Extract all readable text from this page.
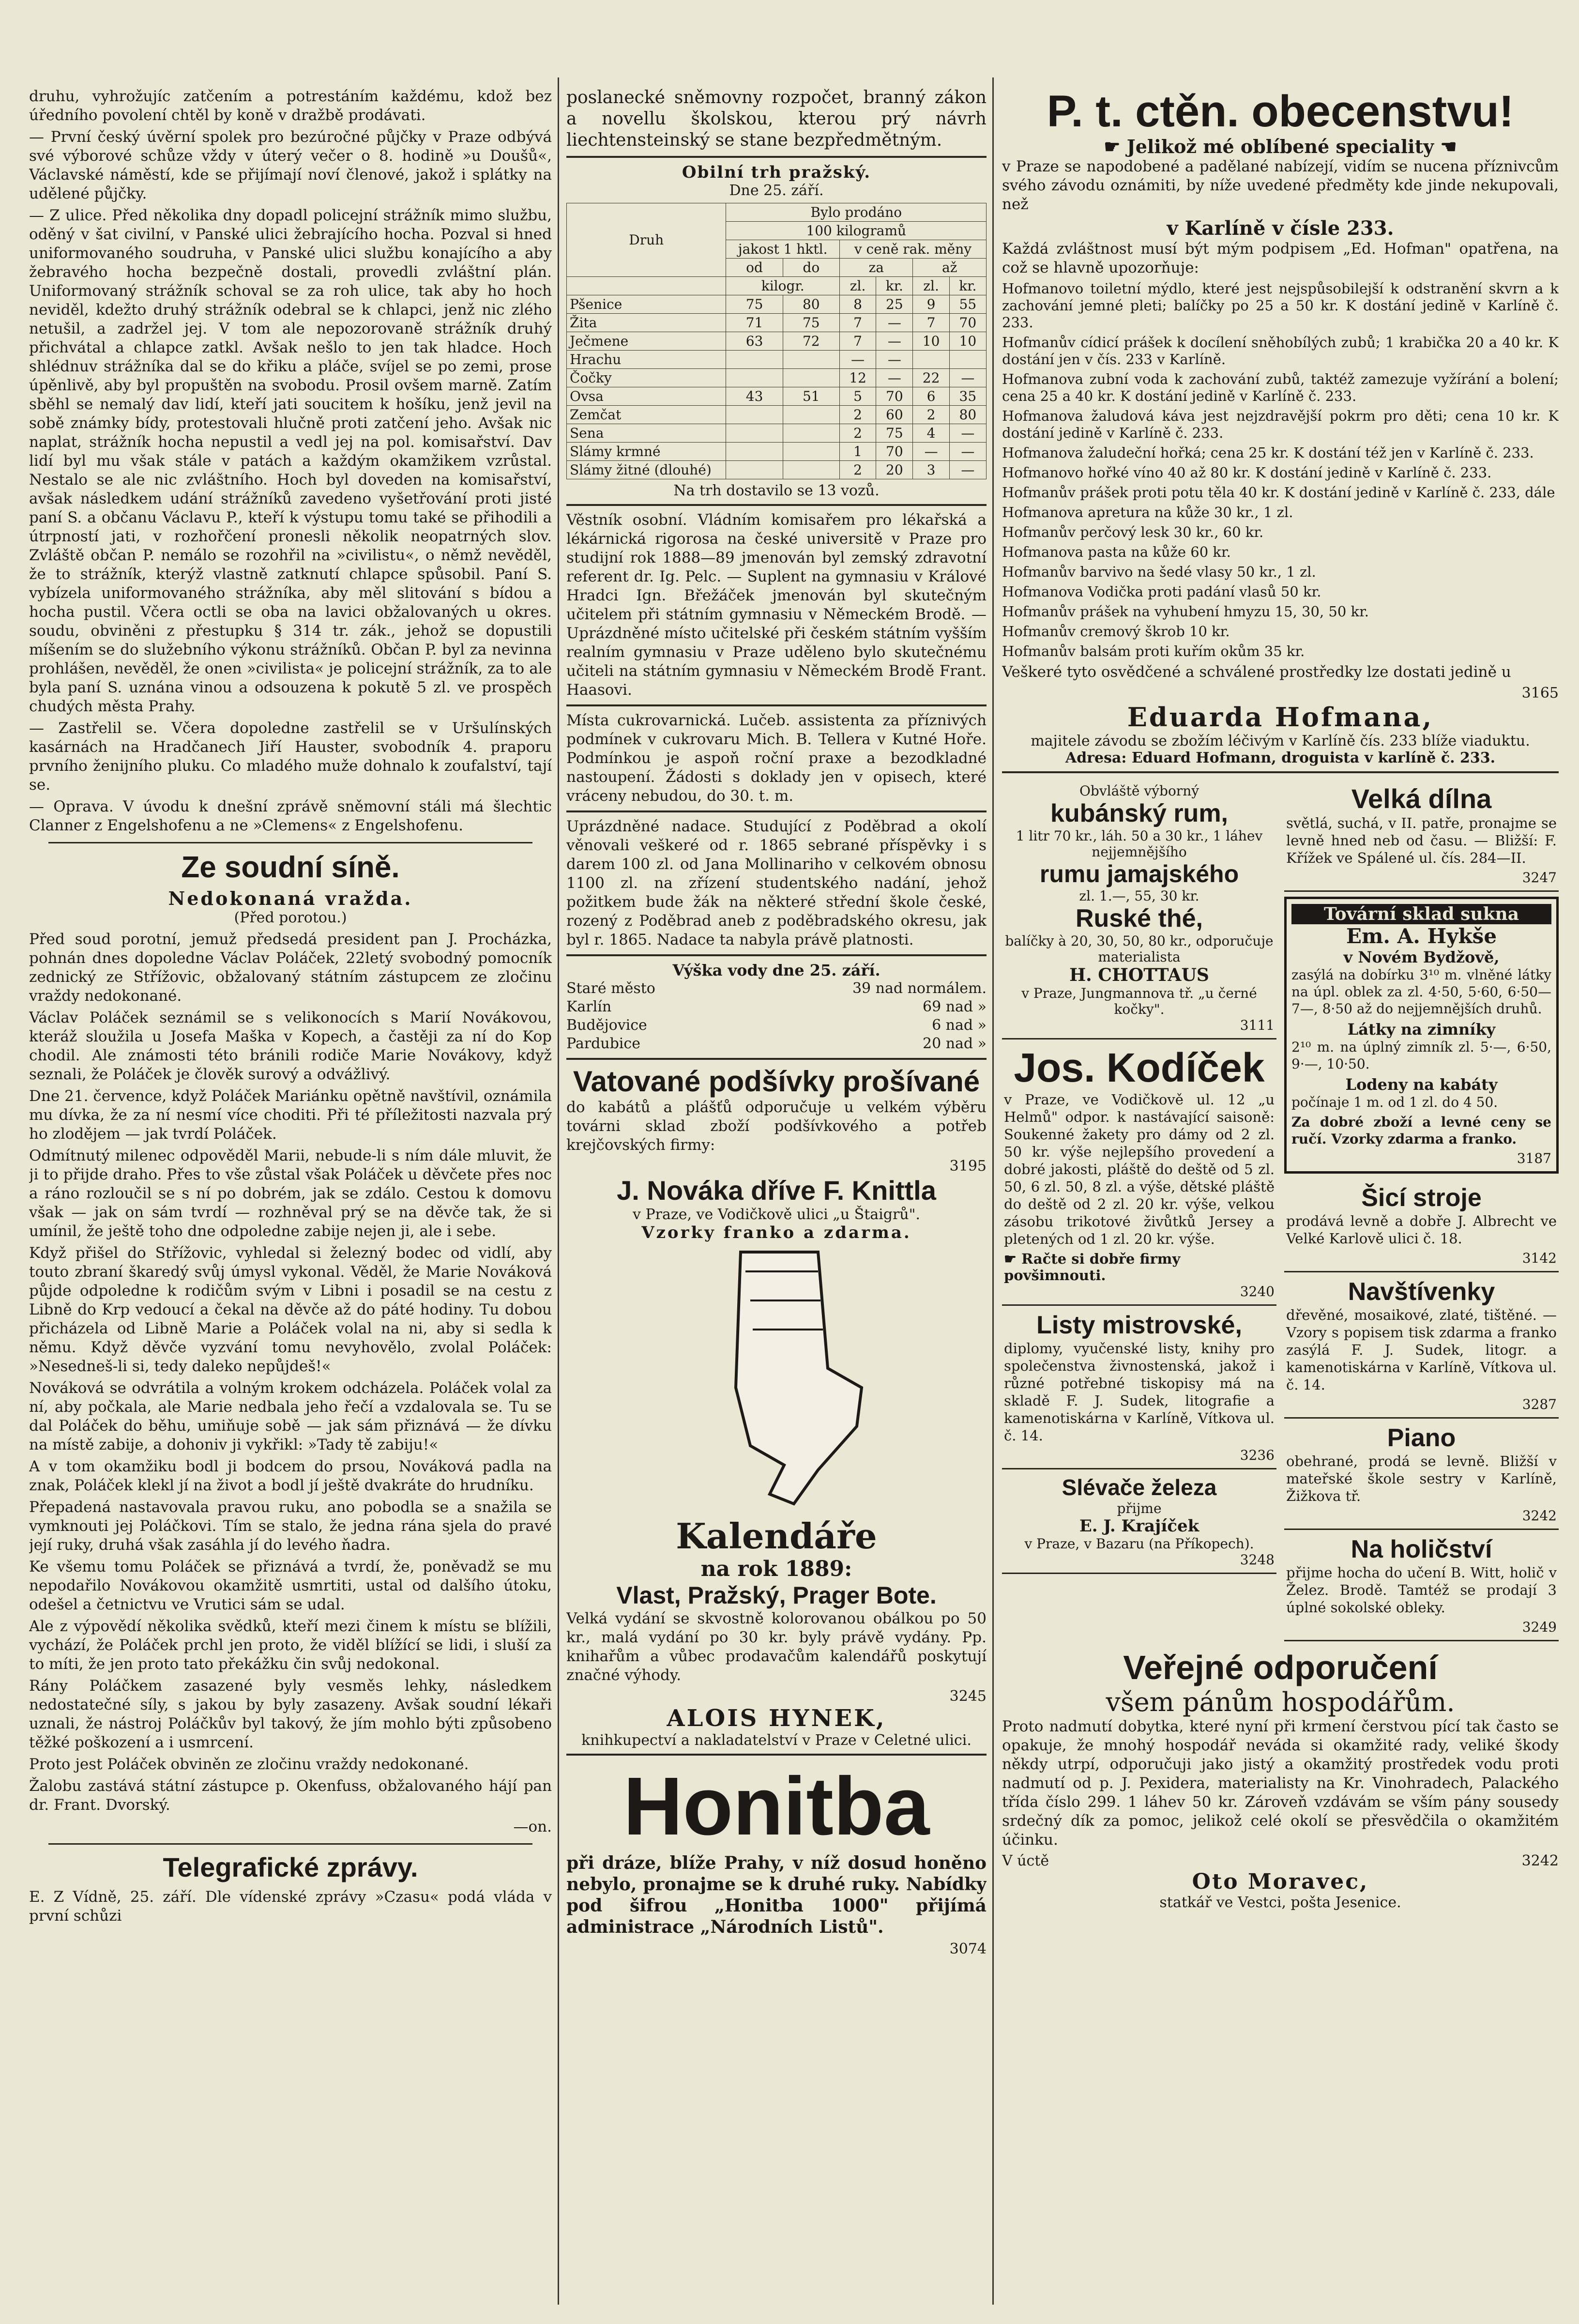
druhu, vyhrožujíc zatčením a potrestáním každému, kdož bez úředního povolení chtěl by koně v dražbě prodávati.

— První český úvěrní spolek pro bezúročné půjčky v Praze odbývá své výborové schůze vždy v úterý večer o 8. hodině »u Doušů«, Václavské náměstí, kde se přijímají noví členové, jakož i splátky na udělené půjčky.

— Z ulice. Před několika dny dopadl policejní strážník mimo službu, oděný v šat civilní, v Panské ulici žebrajícího hocha. Pozval si hned uniformovaného soudruha, v Panské ulici službu konajícího a aby žebravého hocha bezpečně dostali, provedli zvláštní plán. Uniformovaný strážník schoval se za roh ulice, tak aby ho hoch neviděl, kdežto druhý strážník odebral se k chlapci, jenž nic zlého netušil, a zadržel jej. V tom ale nepozorovaně strážník druhý přichvátal a chlapce zatkl. Avšak nešlo to jen tak hladce. Hoch shlédnuv strážníka dal se do křiku a pláče, svíjel se po zemi, prose úpěnlivě, aby byl propuštěn na svobodu. Prosil ovšem marně. Zatím sběhl se nemalý dav lidí, kteří jati soucitem k hošíku, jenž jevil na sobě známky bídy, protestovali hlučně proti zatčení jeho. Avšak nic naplat, strážník hocha nepustil a vedl jej na pol. komisařství. Dav lidí byl mu však stále v patách a každým okamžikem vzrůstal. Nestalo se ale nic zvláštního. Hoch byl doveden na komisařství, avšak následkem udání strážníků zavedeno vyšetřování proti jisté paní S. a občanu Václavu P., kteří k výstupu tomu také se přihodili a útrpností jati, v rozhořčení pronesli několik neopatrných slov. Zvláště občan P. nemálo se rozohřil na »civilistu«, o němž nevěděl, že to strážník, kterýž vlastně zatknutí chlapce spůsobil. Paní S. vybízela uniformovaného strážníka, aby měl slitování s bídou a hocha pustil. Včera octli se oba na lavici obžalovaných u okres. soudu, obviněni z přestupku § 314 tr. zák., jehož se dopustili míšením se do služebního výkonu strážníků. Občan P. byl za nevinna prohlášen, nevěděl, že onen »civilista« je policejní strážník, za to ale byla paní S. uznána vinou a odsouzena k pokutě 5 zl. ve prospěch chudých města Prahy.

— Zastřelil se. Včera dopoledne zastřelil se v Uršulínských kasárnách na Hradčanech Jiří Hauster, svobodník 4. praporu prvního ženijního pluku. Co mladého muže dohnalo k zoufalství, tají se.

— Oprava. V úvodu k dnešní zprávě sněmovní stáli má šlechtic Clanner z Engelshofenu a ne »Clemens« z Engelshofenu.

Ze soudní síně.
Nedokonaná vražda.
(Před porotou.)

Před soud porotní, jemuž předsedá president pan J. Procházka, pohnán dnes dopoledne Václav Poláček, 22letý svobodný pomocník zednický ze Střížovic, obžalovaný státním zástupcem ze zločinu vraždy nedokonané.

Václav Poláček seznámil se s velikonocích s Marií Novákovou, kteráž sloužila u Josefa Maška v Kopech, a častěji za ní do Kop chodil. Ale známosti této bránili rodiče Marie Novákovy, když seznali, že Poláček je člověk surový a odvážlivý.

Dne 21. července, když Poláček Mariánku opětně navštívil, oznámila mu dívka, že za ní nesmí více choditi. Při té příležitosti nazvala prý ho zlodějem — jak tvrdí Poláček.

Odmítnutý milenec odpověděl Marii, nebude-li s ním dále mluvit, že ji to přijde draho. Přes to vše zůstal však Poláček u děvčete přes noc a ráno rozloučil se s ní po dobrém, jak se zdálo. Cestou k domovu však — jak on sám tvrdí — rozhněval prý se na děvče tak, že si umínil, že ještě toho dne odpoledne zabije nejen ji, ale i sebe.

Když přišel do Střížovic, vyhledal si železný bodec od vidlí, aby touto zbraní škaredý svůj úmysl vykonal. Věděl, že Marie Nováková půjde odpoledne k rodičům svým v Libni i posadil se na cestu z Libně do Krp vedoucí a čekal na děvče až do páté hodiny. Tu dobou přicházela od Libně Marie a Poláček volal na ni, aby si sedla k němu. Když děvče vyzvání tomu nevyhovělo, zvolal Poláček: »Nesedneš-li si, tedy daleko nepůjdeš!«

Nováková se odvrátila a volným krokem odcházela. Poláček volal za ní, aby počkala, ale Marie nedbala jeho řečí a vzdalovala se. Tu se dal Poláček do běhu, umiňuje sobě — jak sám přiznává — že dívku na místě zabije, a dohoniv ji vykřikl: »Tady tě zabiju!«

A v tom okamžiku bodl ji bodcem do prsou, Nováková padla na znak, Poláček klekl jí na život a bodl jí ještě dvakráte do hrudníku.

Přepadená nastavovala pravou ruku, ano pobodla se a snažila se vymknouti jej Poláčkovi. Tím se stalo, že jedna rána sjela do pravé její ruky, druhá však zasáhla jí do levého ňadra.

Ke všemu tomu Poláček se přiznává a tvrdí, že, poněvadž se mu nepodařilo Novákovou okamžitě usmrtiti, ustal od dalšího útoku, odešel a četnictvu ve Vrutici sám se udal.

Ale z výpovědí několika svědků, kteří mezi činem k místu se blížili, vychází, že Poláček prchl jen proto, že viděl blížící se lidi, i sluší za to míti, že jen proto tato překážku čin svůj nedokonal.

Rány Poláčkem zasazené byly vesměs lehky, následkem nedostatečné síly, s jakou by byly zasazeny. Avšak soudní lékaři uznali, že nástroj Poláčkův byl takový, že jím mohlo býti způsobeno těžké poškození a i usmrcení.

Proto jest Poláček obviněn ze zločinu vraždy nedokonané.

Žalobu zastává státní zástupce p. Okenfuss, obžalovaného hájí pan dr. Frant. Dvorský.

—on.

Telegrafické zprávy.

E. Z Vídně, 25. září. Dle vídenské zprávy »Czasu« podá vláda v první schůzi

poslanecké sněmovny rozpočet, branný zákon a novellu školskou, kterou prý návrh liechtensteinský se stane bezpředmětným.

Obilní trh pražský.
Dne 25. září.
Druh	Bylo prodáno					
	100 kilogramů					
	jakost 1 hktl.		v ceně rak. měny			
	od	do	za		až	
	kilogr.		zl.	kr.	zl.	kr.
Pšenice	75	80	8	25	9	55
Žita	71	75	7	—	7	70
Ječmene	63	72	7	—	10	10
Hrachu			—	—		
Čočky			12	—	22	—
Ovsa	43	51	5	70	6	35
Zemčat			2	60	2	80
Sena			2	75	4	—
Slámy krmné			1	70	—	—
Slámy žitné (dlouhé)			2	20	3	—
Na trh dostavilo se 13 vozů.

Věstník osobní. Vládním komisařem pro lékařská a lékárnická rigorosa na české universitě v Praze pro studijní rok 1888—89 jmenován byl zemský zdravotní referent dr. Ig. Pelc. — Suplent na gymnasiu v Králové Hradci Ign. Břežáček jmenován byl skutečným učitelem při státním gymnasiu v Německém Brodě. — Uprázdněné místo učitelské při českém státním vyšším realním gymnasiu v Praze uděleno bylo skutečnému učiteli na státním gymnasiu v Německém Brodě Frant. Haasovi.

Místa cukrovarnická. Lučeb. assistenta za příznivých podmínek v cukrovaru Mich. B. Tellera v Kutné Hoře. Podmínkou je aspoň roční praxe a bezodkladné nastoupení. Žádosti s doklady jen v opisech, které vráceny nebudou, do 30. t. m.

Uprázdněné nadace. Studující z Poděbrad a okolí věnovali veškeré od r. 1865 sebrané příspěvky i s darem 100 zl. od Jana Mollinariho v celkovém obnosu 1100 zl. na zřízení studentského nadání, jehož požitkem bude žák na některé střední škole české, rozený z Poděbrad aneb z poděbradského okresu, jak byl r. 1865. Nadace ta nabyla právě platnosti.

Výška vody dne 25. září.
Staré město	39 nad normálem.
Karlín	69 nad »
Budějovice	6 nad »
Pardubice	20 nad »
Vatované podšívky prošívané

do kabátů a plášťů odporučuje u velkém výběru továrni sklad zboží podšívkového a potřeb krejčovských firmy:

3195
J. Nováka dříve F. Knittla
v Praze, ve Vodičkově ulici „u Štaigrů".
Vzorky franko a zdarma.
Kalendáře
na rok 1889:
Vlast, Pražský, Prager Bote.

Velká vydání se skvostně kolorovanou obálkou po 50 kr., malá vydání po 30 kr. byly právě vydány. Pp. knihařům a vůbec prodavačům kalendářů poskytují značné výhody.

3245
ALOIS HYNEK,
knihkupectví a nakladatelství v Praze v Celetné ulici.
Honitba

při dráze, blíže Prahy, v níž dosud honěno nebylo, pronajme se k druhé ruky. Nabídky pod šifrou „Honitba 1000" přijímá administrace „Národních Listů".

3074
P. t. ctěn. obecenstvu!
☛ Jelikož mé oblíbené speciality ☚

v Praze se napodobené a padělané nabízejí, vidím se nucena příznivcům svého závodu oznámiti, by níže uvedené předměty kde jinde nekupovali, než

v Karlíně v čísle 233.

Každá zvláštnost musí být mým podpisem „Ed. Hofman" opatřena, na což se hlavně upozorňuje:

Hofmanovo toiletní mýdlo, které jest nejspůsobilejší k odstranění skvrn a k zachování jemné pleti; balíčky po 25 a 50 kr. K dostání jedině v Karlíně č. 233.

Hofmanův cídicí prášek k docílení sněhobílých zubů; 1 krabička 20 a 40 kr. K dostání jen v čís. 233 v Karlíně.

Hofmanova zubní voda k zachování zubů, taktéž zamezuje vyžírání a bolení; cena 25 a 40 kr. K dostání jedině v Karlíně č. 233.

Hofmanova žaludová káva jest nejzdravější pokrm pro děti; cena 10 kr. K dostání jedině v Karlíně č. 233.

Hofmanova žaludeční hořká; cena 25 kr. K dostání též jen v Karlíně č. 233.

Hofmanovo hořké víno 40 až 80 kr. K dostání jedině v Karlíně č. 233.

Hofmanův prášek proti potu těla 40 kr. K dostání jedině v Karlíně č. 233, dále

Hofmanova apretura na kůže 30 kr., 1 zl.

Hofmanův perčový lesk 30 kr., 60 kr.

Hofmanova pasta na kůže 60 kr.

Hofmanův barvivo na šedé vlasy 50 kr., 1 zl.

Hofmanova Vodička proti padání vlasů 50 kr.

Hofmanův prášek na vyhubení hmyzu 15, 30, 50 kr.

Hofmanův cremový škrob 10 kr.

Hofmanův balsám proti kuřím okům 35 kr.

Veškeré tyto osvědčené a schválené prostředky lze dostati jedině u

3165
Eduarda Hofmana,
majitele závodu se zbožím léčivým v Karlíně čís. 233 blíže viaduktu.
Adresa: Eduard Hofmann, droguista v karlíně č. 233.
Obvláště výborný
kubánský rum,
1 litr 70 kr., láh. 50 a 30 kr., 1 láhev nejjemnějšího
rumu jamajského
zl. 1.—, 55, 30 kr.
Ruské thé,
balíčky à 20, 30, 50, 80 kr., odporučuje materialista
H. CHOTTAUS
v Praze, Jungmannova tř. „u černé kočky".
3111
Jos. Kodíček

v Praze, ve Vodičkově ul. 12 „u Helmů" odpor. k nastávající saisoně: Soukenné žakety pro dámy od 2 zl. 50 kr. výše nejlepšího provedení a dobré jakosti, pláště do deště od 5 zl. 50, 6 zl. 50, 8 zl. a výše, dětské pláště do deště od 2 zl. 20 kr. výše, velkou zásobu trikotové živůtků Jersey a pletených od 1 zl. 20 kr. výše.

☛ Račte si dobře firmy povšimnouti.
3240
Listy mistrovské,

diplomy, vyučenské listy, knihy pro společenstva živnostenská, jakož i různé potřebné tiskopisy má na skladě F. J. Sudek, litografie a kamenotiskárna v Karlíně, Vítkova ul. č. 14.

3236
Slévače železa
přijme
E. J. Krajíček
v Praze, v Bazaru (na Příkopech).
3248
Velká dílna

světlá, suchá, v II. patře, pronajme se levně hned neb od času. — Bližší: F. Křížek ve Spálené ul. čís. 284—II.

3247
Tovární sklad sukna
Em. A. Hykše
v Novém Bydžově,

zasýlá na dobírku 3¹⁰ m. vlněné látky na úpl. oblek za zl. 4·50, 5·60, 6·50—7—, 8·50 až do nejjemnějších druhů.

Látky na zimníky

2¹⁰ m. na úplný zimník zl. 5·—, 6·50, 9·—, 10·50.

Lodeny na kabáty

počínaje 1 m. od 1 zl. do 4 50.

Za dobré zboží a levné ceny se ručí. Vzorky zdarma a franko.

3187
Šicí stroje

prodává levně a dobře J. Albrecht ve Velké Karlově ulici č. 18.

3142
Navštívenky

dřevěné, mosaikové, zlaté, tištěné. — Vzory s popisem tisk zdarma a franko zasýlá F. J. Sudek, litogr. a kamenotiskárna v Karlíně, Vítkova ul. č. 14.

3287
Piano

obehrané, prodá se levně. Bližší v mateřské škole sestry v Karlíně, Žižkova tř.

3242
Na holičství

přijme hocha do učení B. Witt, holič v Želez. Brodě. Tamtéž se prodají 3 úplné sokolské obleky.

3249
Veřejné odporučení
všem pánům hospodářům.

Proto nadmutí dobytka, které nyní při krmení čerstvou pící tak často se opakuje, že mnohý hospodář neváda si okamžité rady, veliké škody někdy utrpí, odporučuji jako jistý a okamžitý prostředek vodu proti nadmutí od p. J. Pexidera, materialisty na Kr. Vinohradech, Palackého třída číslo 299. 1 láhev 50 kr. Zároveň vzdávám se vším pány sousedy srdečný dík za pomoc, jelikož celé okolí se přesvědčila o okamžitém účinku.

V úctě	3242
Oto Moravec,
statkář ve Vestci, pošta Jesenice.
